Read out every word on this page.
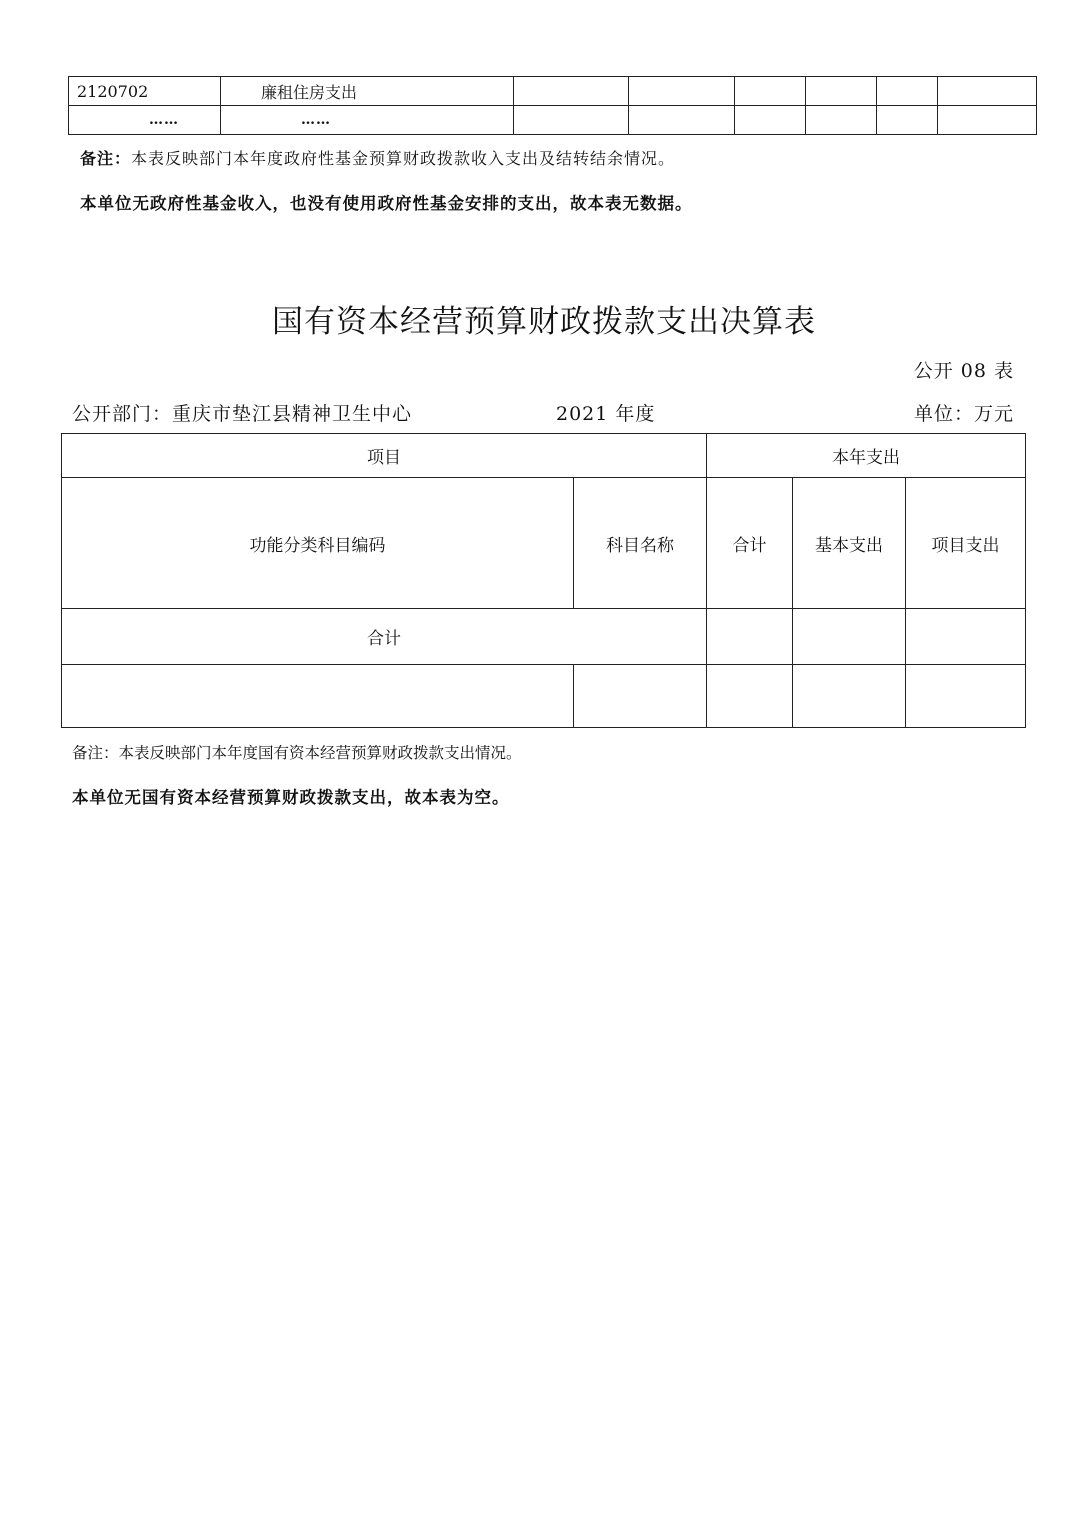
2120702	廉租住房支出						
……	……						
备注：本表反映部门本年度政府性基金预算财政拨款收入支出及结转结余情况。
本单位无政府性基金收入，也没有使用政府性基金安排的支出，故本表无数据。
国有资本经营预算财政拨款支出决算表
公开 08 表
公开部门：重庆市垫江县精神卫生中心	2021 年度	单位：万元
项目		本年支出		
功能分类科目编码	科目名称	合计	基本支出	项目支出
合计				

备注：本表反映部门本年度国有资本经营预算财政拨款支出情况。
本单位无国有资本经营预算财政拨款支出，故本表为空。
